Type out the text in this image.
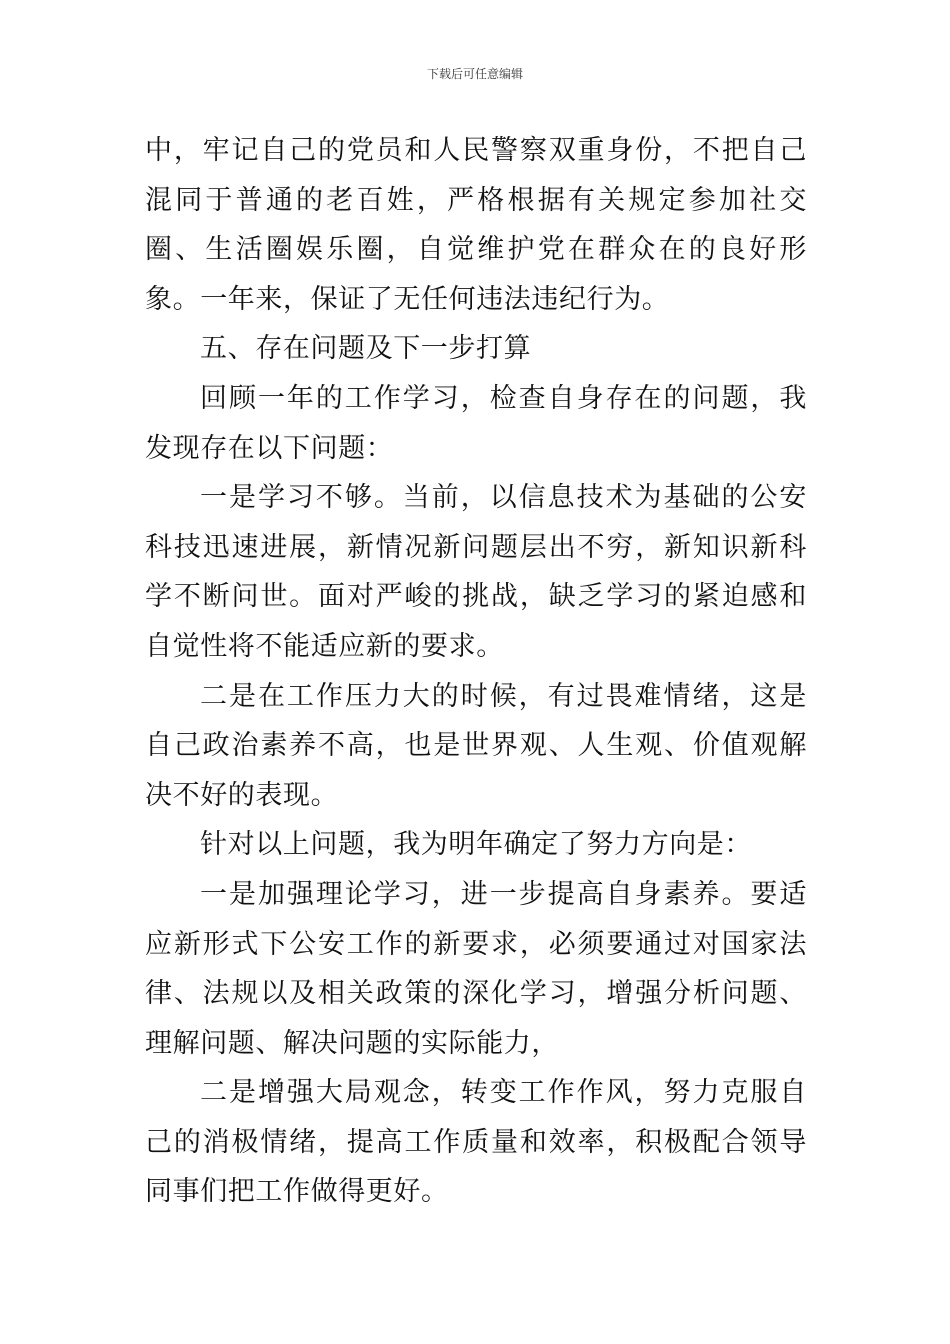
下载后可任意编辑

中，牢记自己的党员和人民警察双重身份，不把自己混同于普通的老百姓，严格根据有关规定参加社交圈、生活圈娱乐圈，自觉维护党在群众在的良好形象。一年来，保证了无任何违法违纪行为。

五、存在问题及下一步打算

回顾一年的工作学习，检查自身存在的问题，我发现存在以下问题：

一是学习不够。当前，以信息技术为基础的公安科技迅速进展，新情况新问题层出不穷，新知识新科学不断问世。面对严峻的挑战，缺乏学习的紧迫感和自觉性将不能适应新的要求。

二是在工作压力大的时候，有过畏难情绪，这是自己政治素养不高，也是世界观、人生观、价值观解决不好的表现。

针对以上问题，我为明年确定了努力方向是：

一是加强理论学习，进一步提高自身素养。要适应新形式下公安工作的新要求，必须要通过对国家法律、法规以及相关政策的深化学习，增强分析问题、理解问题、解决问题的实际能力，

二是增强大局观念，转变工作作风，努力克服自己的消极情绪，提高工作质量和效率，积极配合领导同事们把工作做得更好。
